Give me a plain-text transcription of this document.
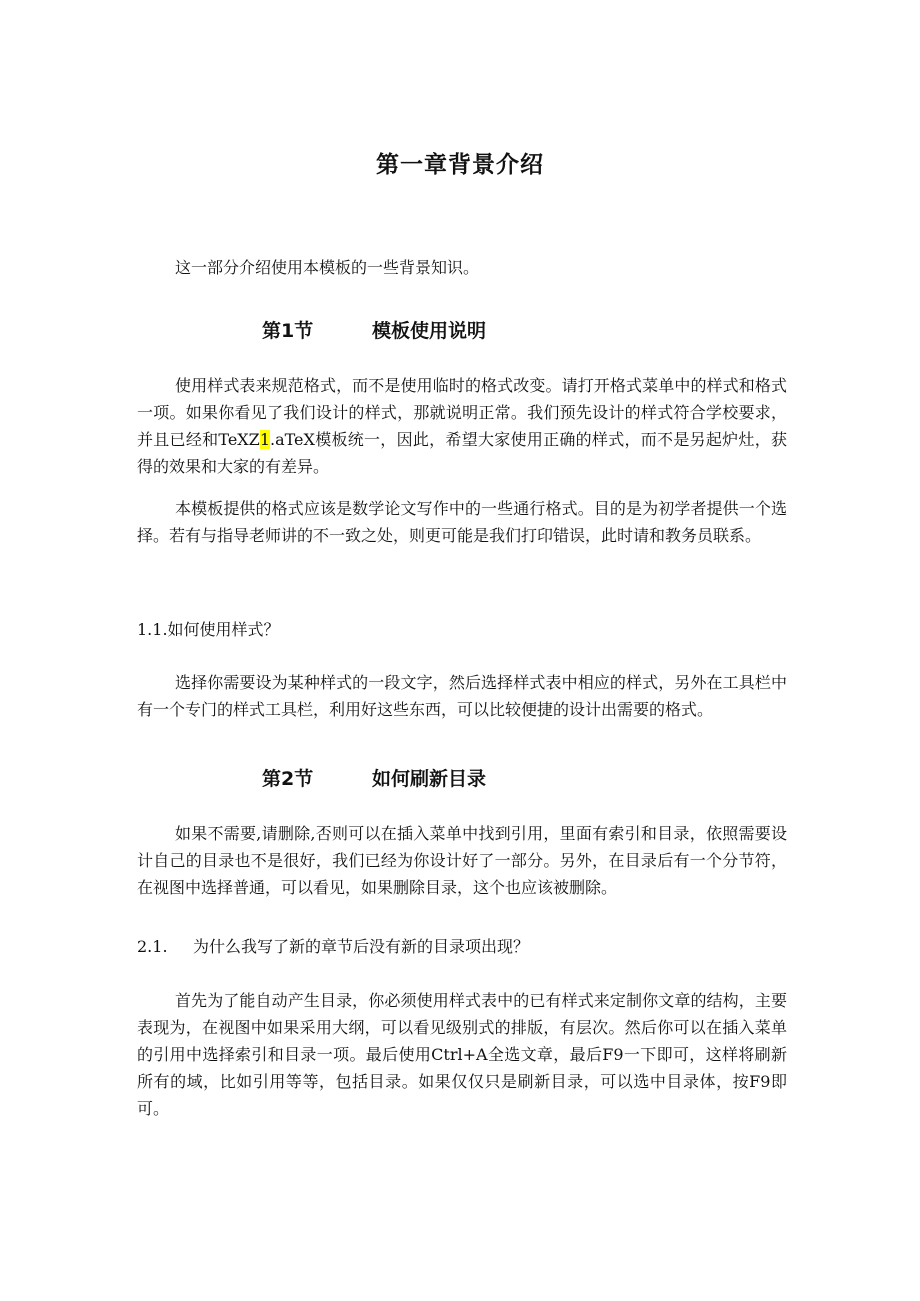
第一章背景介绍

这一部分介绍使用本模板的一些背景知识。

第1节	模板使用说明

使用样式表来规范格式，而不是使用临时的格式改变。请打开格式菜单中的样式和格式一项。如果你看见了我们设计的样式，那就说明正常。我们预先设计的样式符合学校要求，并且已经和TeXZ1.aTeX模板统一，因此，希望大家使用正确的样式，而不是另起炉灶，获得的效果和大家的有差异。

本模板提供的格式应该是数学论文写作中的一些通行格式。目的是为初学者提供一个选择。若有与指导老师讲的不一致之处，则更可能是我们打印错误，此时请和教务员联系。

1.1.如何使用样式？

选择你需要设为某种样式的一段文字，然后选择样式表中相应的样式，另外在工具栏中有一个专门的样式工具栏，利用好这些东西，可以比较便捷的设计出需要的格式。

第2节	如何刷新目录

如果不需要,请删除,否则可以在插入菜单中找到引用，里面有索引和目录，依照需要设计自己的目录也不是很好，我们已经为你设计好了一部分。另外，在目录后有一个分节符，在视图中选择普通，可以看见，如果删除目录，这个也应该被删除。

2.1. 为什么我写了新的章节后没有新的目录项出现？

首先为了能自动产生目录，你必须使用样式表中的已有样式来定制你文章的结构，主要表现为，在视图中如果采用大纲，可以看见级别式的排版，有层次。然后你可以在插入菜单的引用中选择索引和目录一项。最后使用Ctrl+A全选文章，最后F9一下即可，这样将刷新所有的域，比如引用等等，包括目录。如果仅仅只是刷新目录，可以选中目录体，按F9即可。
